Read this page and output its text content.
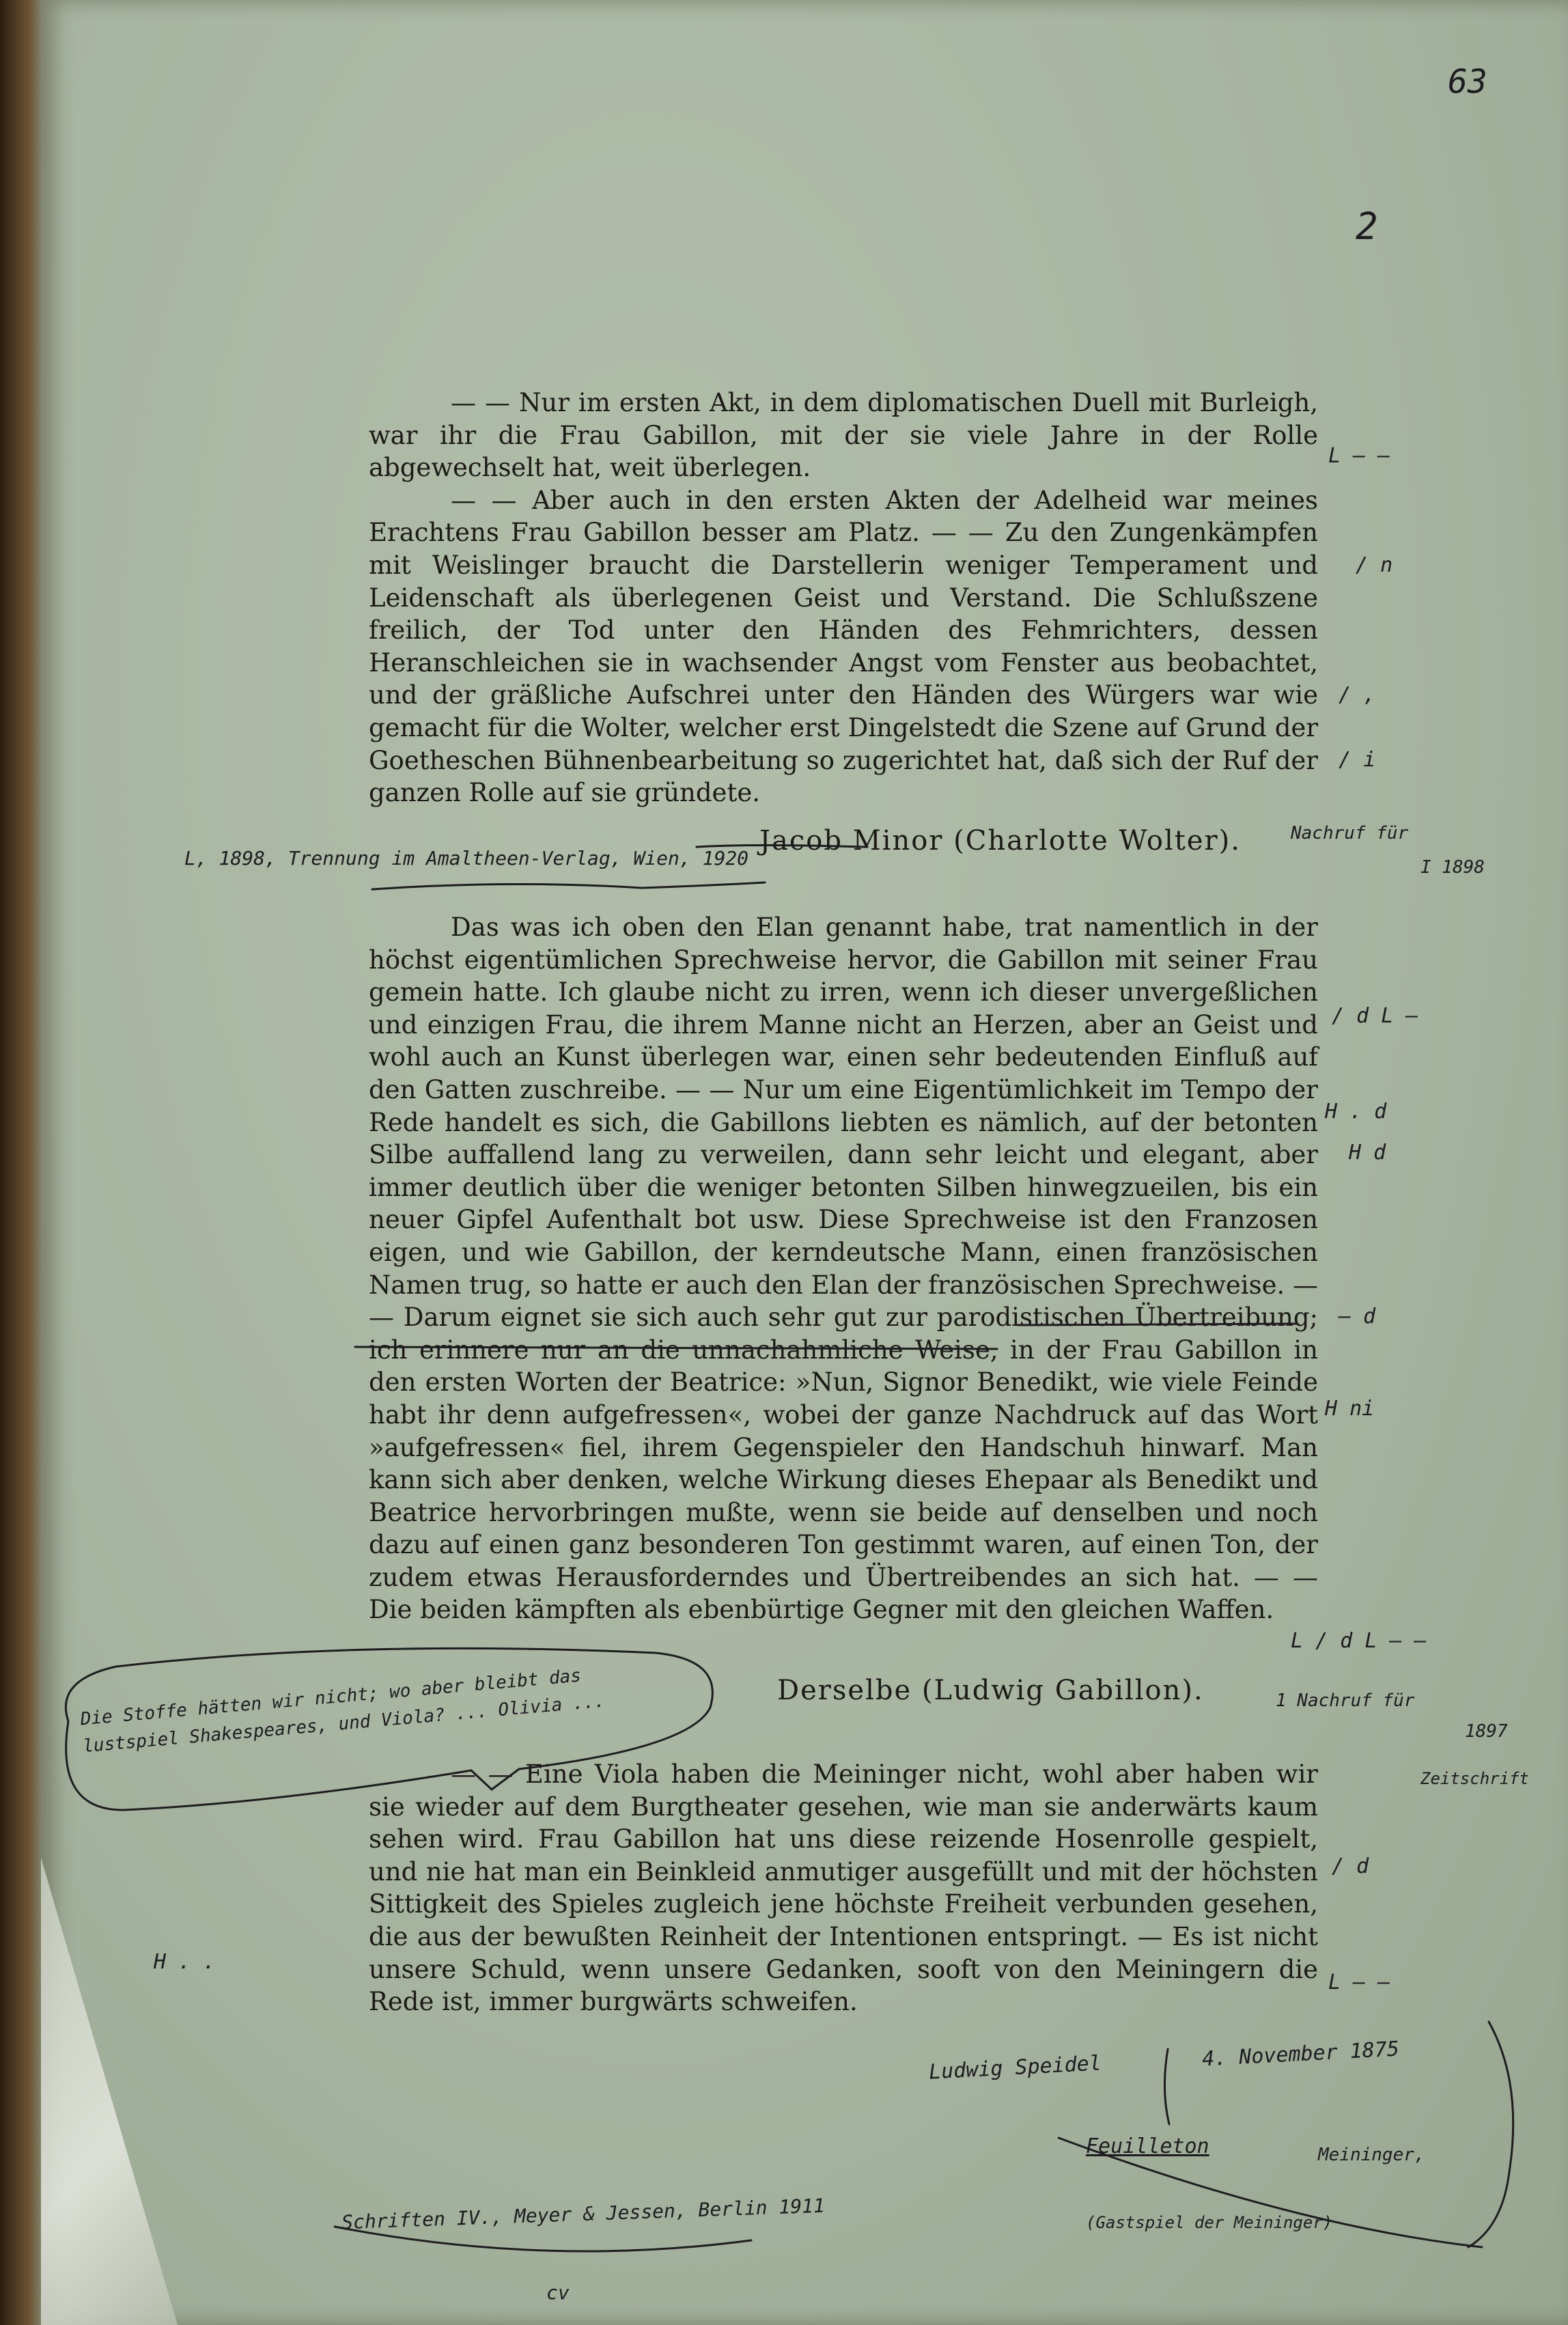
63
2

— — Nur im ersten Akt, in dem diplomatischen Duell mit Burleigh, war ihr die Frau Gabillon, mit der sie viele Jahre in der Rolle abgewechselt hat, weit überlegen.

— — Aber auch in den ersten Akten der Adelheid war meines Erachtens Frau Gabillon besser am Platz. — — Zu den Zungenkämpfen mit Weislinger braucht die Darstellerin weniger Temperament und Leidenschaft als überlegenen Geist und Verstand. Die Schlußszene freilich, der Tod unter den Händen des Fehmrichters, dessen Heranschleichen sie in wachsender Angst vom Fenster aus beobachtet, und der gräßliche Aufschrei unter den Händen des Würgers war wie gemacht für die Wolter, welcher erst Dingelstedt die Szene auf Grund der Goetheschen Bühnenbearbeitung so zugerichtet hat, daß sich der Ruf der ganzen Rolle auf sie gründete.

Jacob Minor (Charlotte Wolter).

Das was ich oben den Elan genannt habe, trat namentlich in der höchst eigentümlichen Sprechweise hervor, die Gabillon mit seiner Frau gemein hatte. Ich glaube nicht zu irren, wenn ich dieser unvergeßlichen und einzigen Frau, die ihrem Manne nicht an Herzen, aber an Geist und wohl auch an Kunst überlegen war, einen sehr bedeutenden Einfluß auf den Gatten zuschreibe. — — Nur um eine Eigentümlichkeit im Tempo der Rede handelt es sich, die Gabillons liebten es nämlich, auf der betonten Silbe auffallend lang zu verweilen, dann sehr leicht und elegant, aber immer deutlich über die weniger betonten Silben hinwegzueilen, bis ein neuer Gipfel Aufenthalt bot usw. Diese Sprechweise ist den Franzosen eigen, und wie Gabillon, der kerndeutsche Mann, einen französischen Namen trug, so hatte er auch den Elan der französischen Sprechweise. — — Darum eignet sie sich auch sehr gut zur parodistischen Übertreibung; ich erinnere nur an die unnachahmliche Weise, in der Frau Gabillon in den ersten Worten der Beatrice: »Nun, Signor Benedikt, wie viele Feinde habt ihr denn aufgefressen«, wobei der ganze Nachdruck auf das Wort »aufgefressen« fiel, ihrem Gegenspieler den Handschuh hinwarf. Man kann sich aber denken, welche Wirkung dieses Ehepaar als Benedikt und Beatrice hervorbringen mußte, wenn sie beide auf denselben und noch dazu auf einen ganz besonderen Ton gestimmt waren, auf einen Ton, der zudem etwas Herausforderndes und Übertreibendes an sich hat. — — Die beiden kämpften als ebenbürtige Gegner mit den gleichen Waffen.

Derselbe (Ludwig Gabillon).

— — Eine Viola haben die Meininger nicht, wohl aber haben wir sie wieder auf dem Burgtheater gesehen, wie man sie anderwärts kaum sehen wird. Frau Gabillon hat uns diese reizende Hosenrolle gespielt, und nie hat man ein Beinkleid anmutiger ausgefüllt und mit der höchsten Sittigkeit des Spieles zugleich jene höchste Freiheit verbunden gesehen, die aus der bewußten Reinheit der Intentionen entspringt. — Es ist nicht unsere Schuld, wenn unsere Gedanken, sooft von den Meiningern die Rede ist, immer burgwärts schweifen.

L — —
/ n
/ ,
/ i
Nachruf für
L, 1898, Trennung im Amaltheen-Verlag, Wien, 1920	I 1898
/ d L —
H . d
H d
— d
H ni
L / d L — —
1 Nachruf für
1897
Zeitschrift
Die Stoffe hätten wir nicht; wo aber bleibt das lustspiel Shakespeares, und Viola? ... Olivia ...
/ d
L — —
H . .
Ludwig Speidel	4. November 1875
Feuilleton	Meininger,
(Gastspiel der Meininger)
Schriften IV., Meyer & Jessen, Berlin 1911
cv
